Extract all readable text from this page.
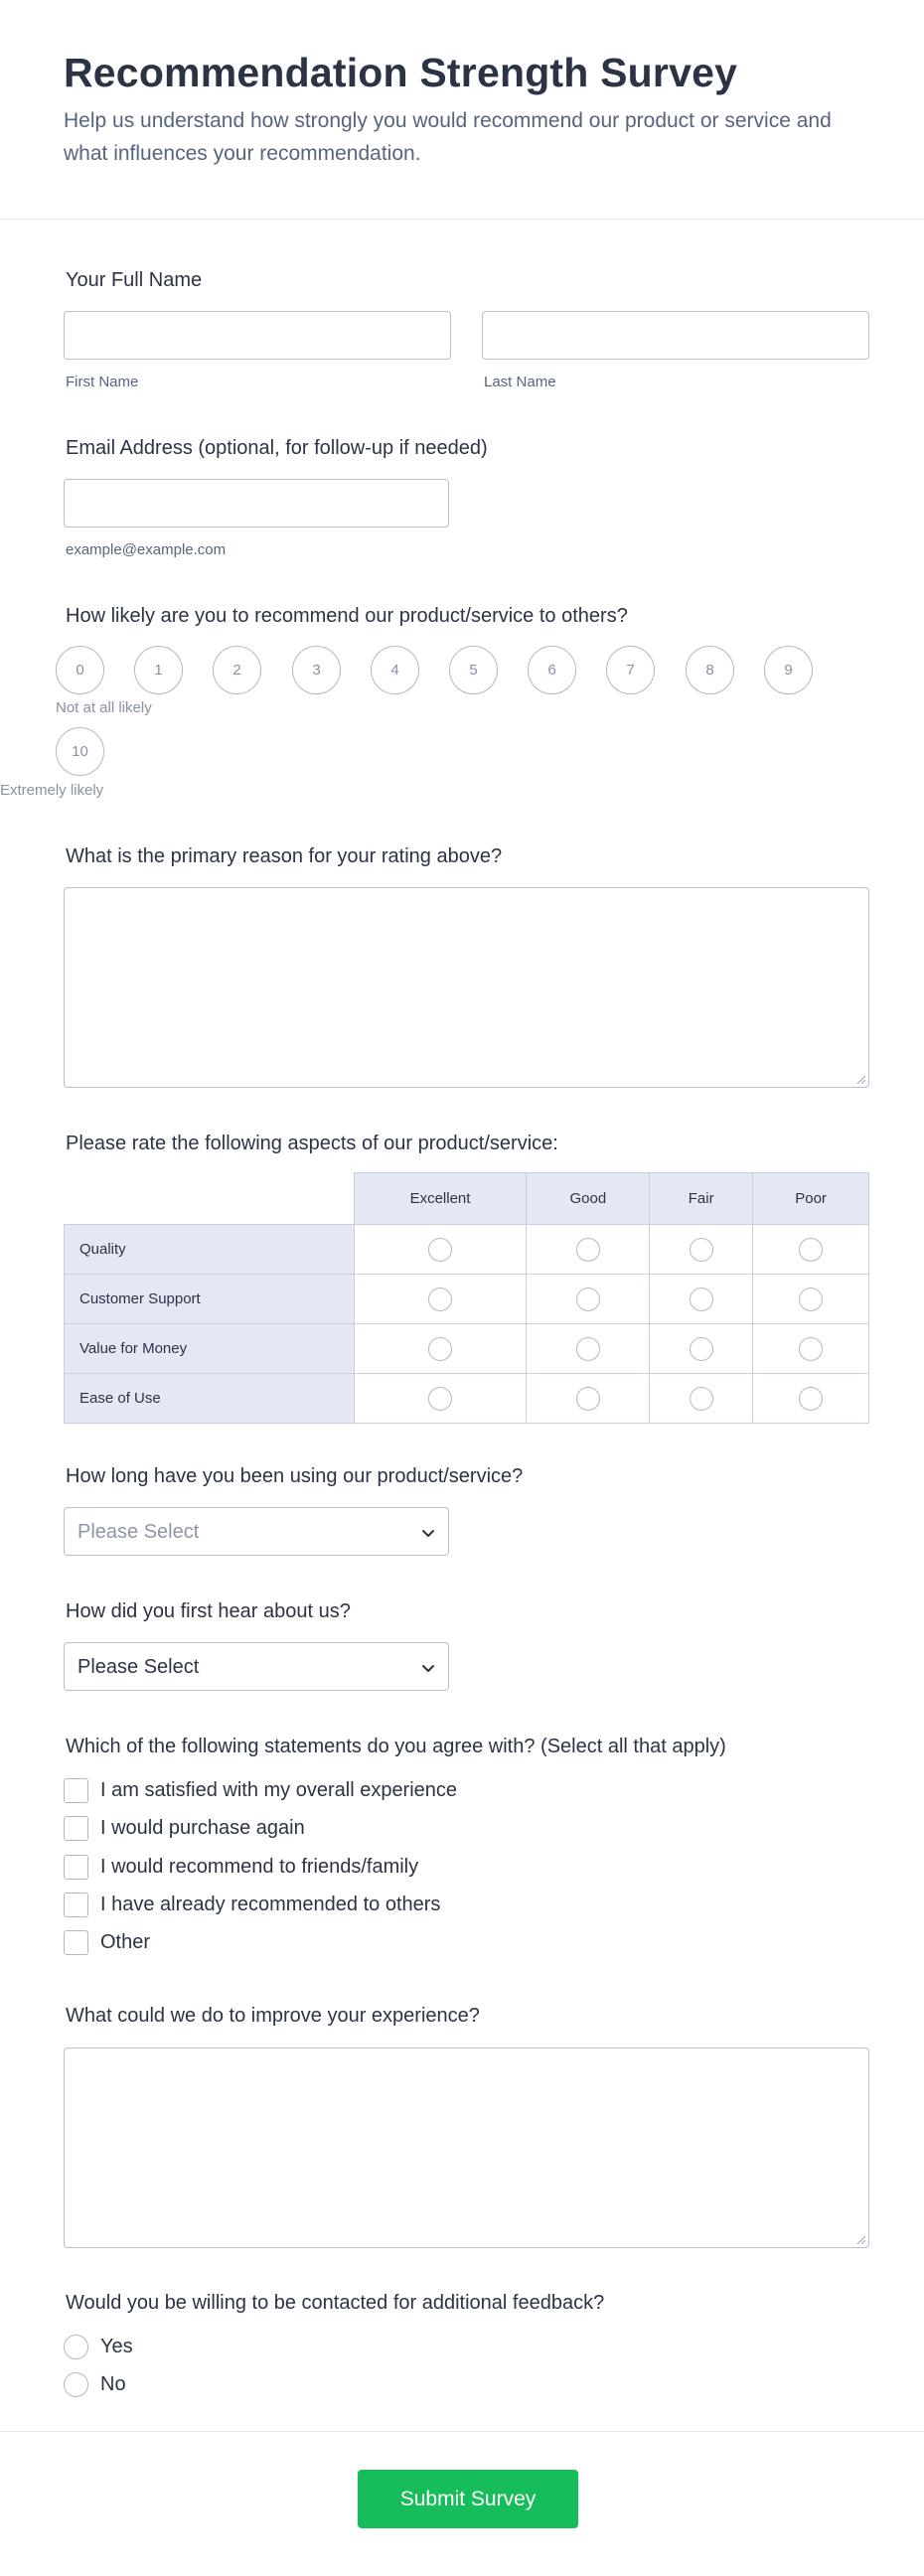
Recommendation Strength Survey

Help us understand how strongly you would recommend our product or service and what influences your recommendation.

Your Full Name
First Name	Last Name
Email Address (optional, for follow-up if needed)
example@example.com
How likely are you to recommend our product/service to others?
0	1	2	3	4	5	6	7	8	9
Not at all likely
10
Extremely likely
What is the primary reason for your rating above?
Please rate the following aspects of our product/service:
	Excellent	Good	Fair	Poor
Quality				
Customer Support				
Value for Money				
Ease of Use				
How long have you been using our product/service?
Please Select
How did you first hear about us?
Please Select
Which of the following statements do you agree with? (Select all that apply)
I am satisfied with my overall experience
I would purchase again
I would recommend to friends/family
I have already recommended to others
Other
What could we do to improve your experience?
Would you be willing to be contacted for additional feedback?
Yes
No
Submit Survey
